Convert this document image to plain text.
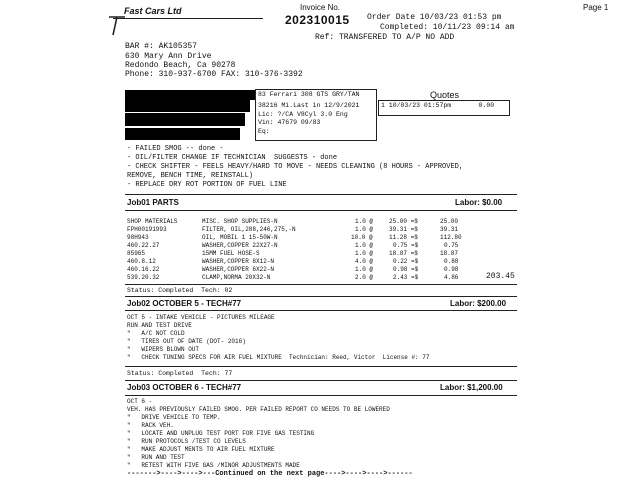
Fast Cars Ltd	Invoice No.
202310015
Page 1
Order Date 10/03/23 01:53 pm
Completed: 10/11/23 09:14 am
Ref: TRANSFERED TO A/P NO ADD
BAR #: AK105357
630 Mary Ann Drive
Redondo Beach, Ca 90278
Phone: 310-937-6700 FAX: 310-376-3392
83 Ferrari 308 GTS GRY/TAN
38216 Mi.Last in 12/9/2021
Lic: ?/CA V8Cyl 3.0 Eng
Vin: 47679 09/83
Eq:
Quotes
1 10/03/23 01:57pm       0.00
- FAILED SMOG -- done -
- OIL/FILTER CHANGE IF TECHNICIAN  SUGGESTS - done
- CHECK SHIFTER - FEELS HEAVY/HARD TO MOVE - NEEDS CLEANING (8 HOURS - APPROVED,
REMOVE, BENCH TIME, REINSTALL)
- REPLACE DRY ROT PORTION OF FUEL LINE
Job01 PARTS	Labor: $0.00
SHOP MATERIALS	MISC. SHOP SUPPLIES-N	1.0 @	25.00 =$	25.00
FPH00191993	FILTER, OIL,288,246,275,-N	1.0 @	39.31 =$	39.31
98H943	OIL, MOBIL 1 15-50W-N	10.0 @	11.28 =$	112.80
460.22.27	WASHER,COPPER 22X27-N	1.0 @	0.75 =$	0.75
85965	15MM FUEL HOSE-S	1.0 @	18.87 =$	18.87
460.8.12	WASHER,COPPER 8X12-N	4.0 @	0.22 =$	0.88
460.16.22	WASHER,COPPER 6X22-N	1.0 @	0.98 =$	0.98
539.20.32	CLAMP,NORMA 20X32-N	2.0 @	2.43 =$	4.86	203.45
Status: Completed  Tech: 02
Job02 OCTOBER 5 - TECH#77	Labor: $200.00
OCT 5 - INTAKE VEHICLE - PICTURES MILEAGE
RUN AND TEST DRIVE
"   A/C NOT COLD
"   TIRES OUT OF DATE (DOT- 2016)
"   WIPERS BLOWN OUT
"   CHECK TUNING SPECS FOR AIR FUEL MIXTURE  Technician: Reed, Victor  License #: 77
Status: Completed  Tech: 77
Job03 OCTOBER 6 - TECH#77	Labor: $1,200.00
OCT 6 -
VEH. HAS PREVIOUSLY FAILED SMOG. PER FAILED REPORT CO NEEDS TO BE LOWERED
"   DRIVE VEHICLE TO TEMP.
"   RACK VEH.
"   LOCATE AND UNPLUG TEST PORT FOR FIVE GAS TESTING
"   RUN PROTOCOLS /TEST CO LEVELS
"   MAKE ADJUST MENTS TO AIR FUEL MIXTURE
"   RUN AND TEST
"   RETEST WITH FIVE GAS /MINOR ADJUSTMENTS MADE
------->---->---->---Continued on the next page---->---->---->------
